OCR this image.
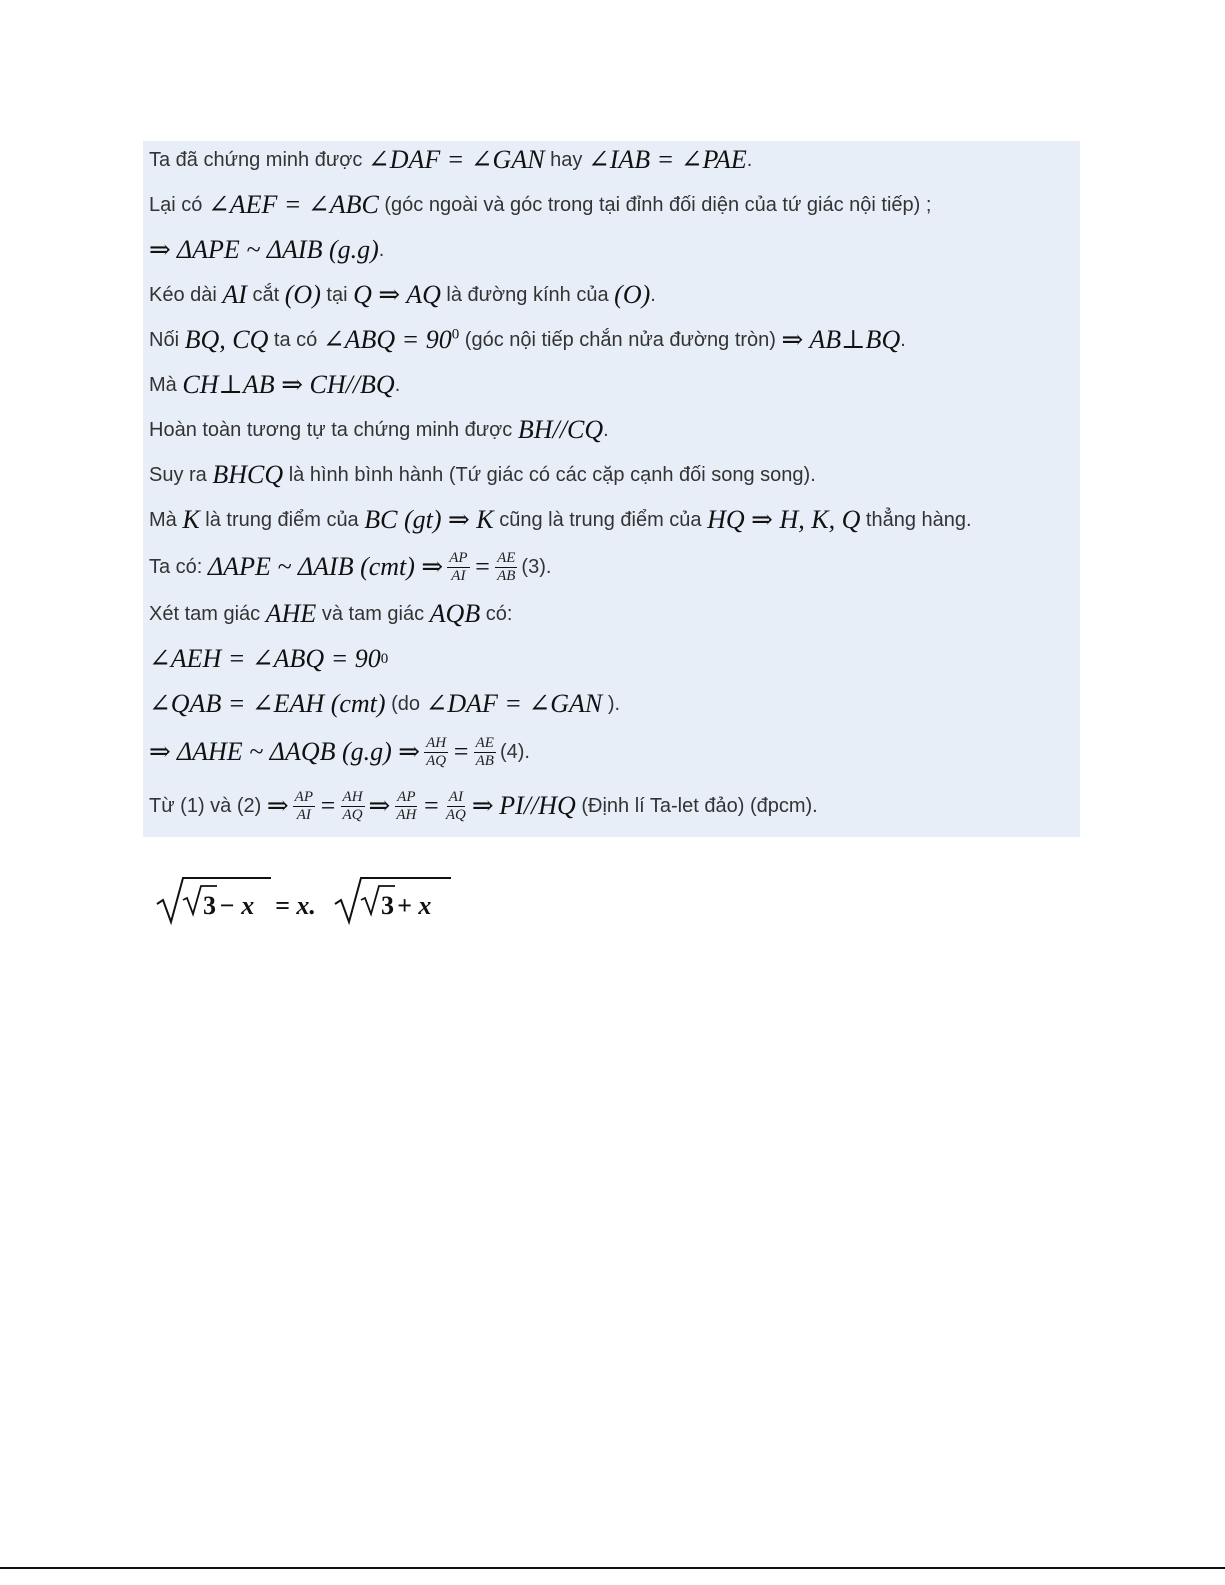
Ta đã chứng minh được
∠DAF = ∠GAN
hay
∠IAB = ∠PAE .
Lại có
∠AEF = ∠ABC
(góc ngoài và góc trong tại đỉnh đối diện của tứ giác nội tiếp) ;
⇒ ΔAPE ~ ΔAIB (g.g) .
Kéo dài
AI
cắt
(O)
tại
Q ⇒ AQ
là đường kính của
(O) .
Nối
BQ, CQ
ta có
∠ABQ = $90^0$
(góc nội tiếp chắn nửa đường tròn)
⇒ AB⊥BQ .
Mà
CH⊥AB ⇒ CH//BQ .
Hoàn toàn tương tự ta chứng minh được
BH//CQ .
Suy ra
BHCQ
là hình bình hành (Tứ giác có các cặp cạnh đối song song).
Mà
K
là trung điểm của
BC (gt) ⇒ K
cũng là trung điểm của
HQ ⇒ H, K, Q
thẳng hàng.
Ta có:
ΔAPE ~ ΔAIB (cmt) ⇒ $\frac{AP}{AI} = \frac{AE}{AB} (3)$.
Xét tam giác
AHE
và tam giác
AQB
có:
∠AEH = ∠ABQ = 90 0
∠QAB = ∠EAH (cmt)
(do
∠DAF = ∠GAN
).
⇒ ΔAHE ~ ΔAQB (g.g) ⇒ $\frac{AH}{AQ} = \frac{AE}{AB} (4)$.
Từ (1) và (2)
⇒ $\frac{AP}{AI} = \frac{AH}{AQ}$ ⇒ $\frac{AP}{AH} = \frac{AI}{AQ}$ ⇒
PI//HQ
(Định lí Ta-let đảo) (đpcm).
3 − x = x.	3 + x
